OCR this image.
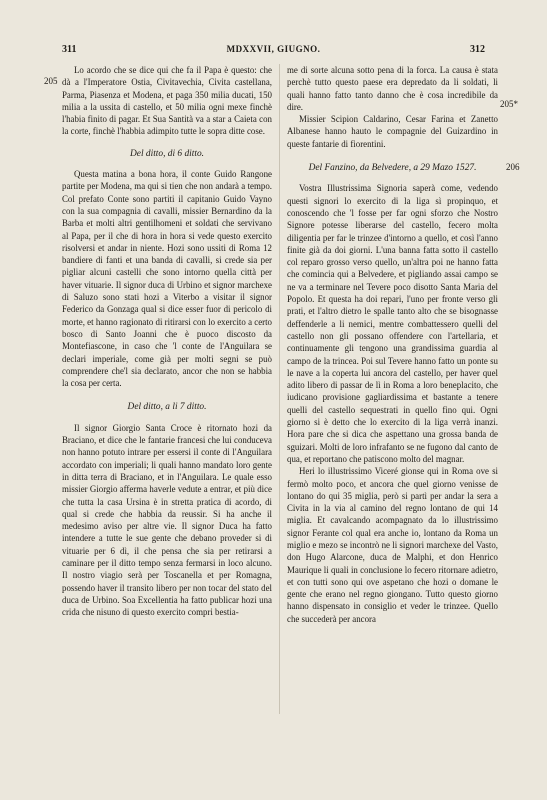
311	MDXXVII, GIUGNO.	312
205
205*
206

Lo acordo che se dice qui che fa il Papa è questo: che dà a l'Imperatore Ostia, Civitavechia, Civita castellana, Parma, Piasenza et Modena, et paga 350 milia ducati, 150 milia a la ussita di castello, et 50 milia ogni mexe finchè l'habia finito di pagar. Et Sua Santità va a star a Caieta con la corte, finchè l'habbia adimpito tutte le sopra ditte cose.

Del ditto, di 6 ditto.

Questa matina a bona hora, il conte Guido Rangone partite per Modena, ma qui si tien che non andarà a tempo. Col prefato Conte sono partiti il capitanio Guido Vayno con la sua compagnia di cavalli, missier Bernardino da la Barba et molti altri gentilhomeni et soldati che servivano al Papa, per il che di hora in hora si vede questo exercito risolversi et andar in niente. Hozi sono ussiti di Roma 12 bandiere di fanti et una banda di cavalli, si crede sia per pigliar alcuni castelli che sono intorno quella città per haver vituarie. Il signor duca di Urbino et signor marchexe di Saluzo sono stati hozi a Viterbo a visitar il signor Federico da Gonzaga qual si dice esser fuor di pericolo di morte, et hanno ragionato di ritirarsi con lo exercito a certo bosco di Santo Joanni che è puoco discosto da Montefiascone, in caso che 'l conte de l'Anguilara se declari imperiale, come già per molti segni se può comprendere che'l sia declarato, ancor che non se habbia la cosa per certa.

Del ditto, a li 7 ditto.

Il signor Giorgio Santa Croce è ritornato hozi da Braciano, et dice che le fantarie francesi che lui conduceva non hanno potuto intrare per essersi il conte di l'Anguilara accordato con imperiali; li quali hanno mandato loro gente in ditta terra di Braciano, et in l'Anguilara. Le quale esso missier Giorgio afferma haverle vedute a entrar, et più dice che tutta la casa Ursina è in stretta pratica di acordo, di qual si crede che habbia da reussir. Si ha anche il medesimo aviso per altre vie. Il signor Duca ha fatto intendere a tutte le sue gente che debano proveder si di vituarie per 6 dì, il che pensa che sia per retirarsi a caminare per il ditto tempo senza fermarsi in loco alcuno. Il nostro viagio serà per Toscanella et per Romagna, possendo haver il transito libero per non tocar del stato del duca de Urbino. Soa Excellentia ha fatto publicar hozi una crida che nisuno di questo exercito compri bestia-

me di sorte alcuna sotto pena di la forca. La causa è stata perchè tutto questo paese era depredato da li soldati, li quali hanno fatto tanto danno che è cosa incredibile da dire.

Missier Scipion Caldarino, Cesar Farina et Zanetto Albanese hanno hauto le compagnie del Guizardino in queste fantarie di fiorentini.

Del Fanzino, da Belvedere, a 29 Mazo 1527.

Vostra Illustrissima Signoria saperà come, vedendo questi signori lo exercito di la liga sì propinquo, et conoscendo che 'l fosse per far ogni sforzo che Nostro Signore potesse liberarse del castello, fecero molta diligentia per far le trinzee d'intorno a quello, et così l'anno finite già da doi giorni. L'una banna fatta sotto il castello col reparo grosso verso quello, un'altra poi ne hanno fatta che comincia qui a Belvedere, et pigliando assai campo se ne va a terminare nel Tevere poco disotto Santa Maria del Popolo. Et questa ha doi repari, l'uno per fronte verso gli prati, et l'altro dietro le spalle tanto alto che se bisognasse deffenderle a li nemici, mentre combattessero quelli del castello non gli possano offendere con l'artellaria, et continuamente gli tengono una grandissima guardia al campo de la trincea. Poi sul Tevere hanno fatto un ponte su le nave a la coperta lui ancora del castello, per haver quel adito libero di passar de lì in Roma a loro beneplacito, che iudicano provisione gagliardissima et bastante a tenere quelli del castello sequestrati in quello fino qui. Ogni giorno si è detto che lo exercito di la liga verrà inanzi. Hora pare che si dica che aspettano una grossa banda de sguizari. Molti de loro infrafanto se ne fugono dal canto de qua, et reportano che patiscono molto del magnar.

Heri lo illustrissimo Viceré gionse qui in Roma ove si fermò molto poco, et ancora che quel giorno venisse de lontano do qui 35 miglia, però si partì per andar la sera a Civita in la via al camino del regno lontano de qui 14 miglia. Et cavalcando acompagnato da lo illustrissimo signor Ferante col qual era anche io, lontano da Roma un miglio e mezo se incontrò ne li signori marchexe del Vasto, don Hugo Alarcone, duca de Malphi, et don Henrico Maurique li quali in conclusione lo fecero ritornare adietro, et con tutti sono qui ove aspetano che hozi o domane le gente che erano nel regno giongano. Tutto questo giorno hanno dispensato in consiglio et veder le trinzee. Quello che succederà per ancora
